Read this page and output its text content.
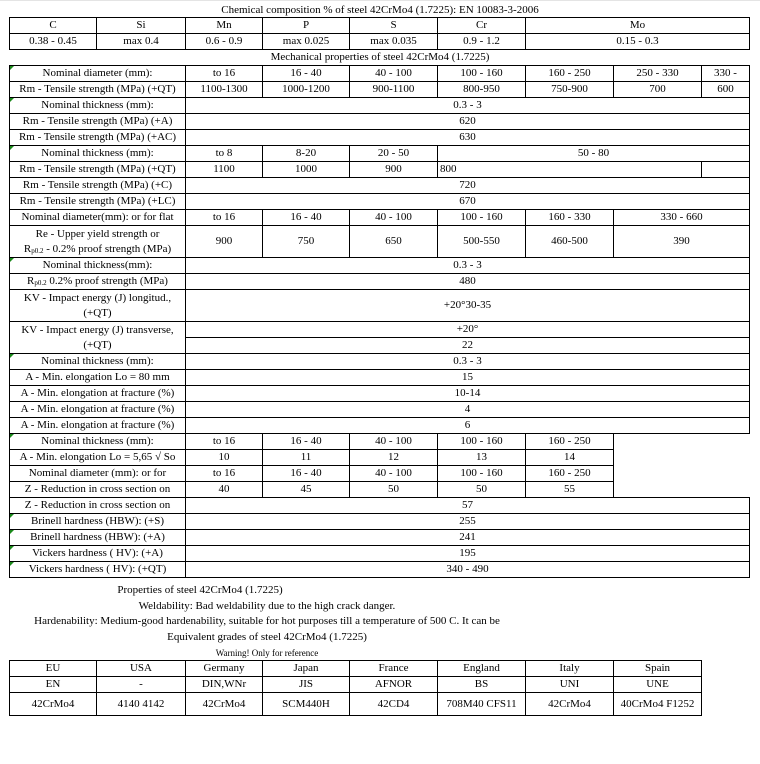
Chemical composition % of steel 42CrMo4 (1.7225): EN 10083-3-2006
C	Si	Mn	P	S	Cr	Mo
0.38 - 0.45	max 0.4	0.6 - 0.9	max 0.025	max 0.035	0.9 - 1.2	0.15 - 0.3
Mechanical properties of steel 42CrMo4 (1.7225)
Nominal diameter (mm):	to 16	16 - 40	40 - 100	100 - 160	160 - 250	250 - 330	330 -
Rm - Tensile strength (MPa) (+QT)	1100-1300	1000-1200	900-1100	800-950	750-900	700	600
Nominal thickness (mm):	0.3 - 3						
Rm - Tensile strength (MPa) (+A)	620						
Rm - Tensile strength (MPa) (+AC)	630						
Nominal thickness (mm):	to 8	8-20	20 - 50	50 - 80			
Rm - Tensile strength (MPa) (+QT)	1100	1000	900	800			
Rm - Tensile strength (MPa) (+C)	720						
Rm - Tensile strength (MPa) (+LC)	670						
Nominal diameter(mm): or for flat	to 16	16 - 40	40 - 100	100 - 160	160 - 330	330 - 660	

Re - Upper yield strength or
$R_{p0.2} - 0.2\%$ proof strength (MPa)	900	750	650	500-550	460-500	390	
Nominal thickness(mm):	0.3 - 3						
$R_{p0.2}$ 0.2% proof strength (MPa)	480						

KV - Impact energy (J) longitud.,
(+QT)	+20°30-35						

KV - Impact energy (J) transverse,
(+QT)	+20°						
	22						
Nominal thickness (mm):	0.3 - 3						
A - Min. elongation Lo = 80 mm	15						
A - Min. elongation at fracture (%)	10-14						
A - Min. elongation at fracture (%)	4						
A - Min. elongation at fracture (%)	6						
Nominal thickness (mm):	to 16	16 - 40	40 - 100	100 - 160	160 - 250		
A - Min. elongation Lo = 5,65 √ So	10	11	12	13	14		
Nominal diameter (mm): or for	to 16	16 - 40	40 - 100	100 - 160	160 - 250		
Z - Reduction in cross section on	40	45	50	50	55		
Z - Reduction in cross section on	57						
Brinell hardness (HBW): (+S)	255						
Brinell hardness (HBW): (+A)	241						
Vickers hardness ( HV): (+A)	195						
Vickers hardness ( HV): (+QT)	340 - 490						
Properties of steel 42CrMo4 (1.7225)
Weldability: Bad weldability due to the high crack danger.
Hardenability: Medium-good hardenability, suitable for hot purposes till a temperature of 500 C. It can be
Equivalent grades of steel 42CrMo4 (1.7225)
Warning! Only for reference
EU	USA	Germany	Japan	France	England	Italy	Spain
EN	-	DIN,WNr	JIS	AFNOR	BS	UNI	UNE
42CrMo4	4140 4142	42CrMo4	SCM440H	42CD4	708M40 CFS11	42CrMo4	40CrMo4 F1252
